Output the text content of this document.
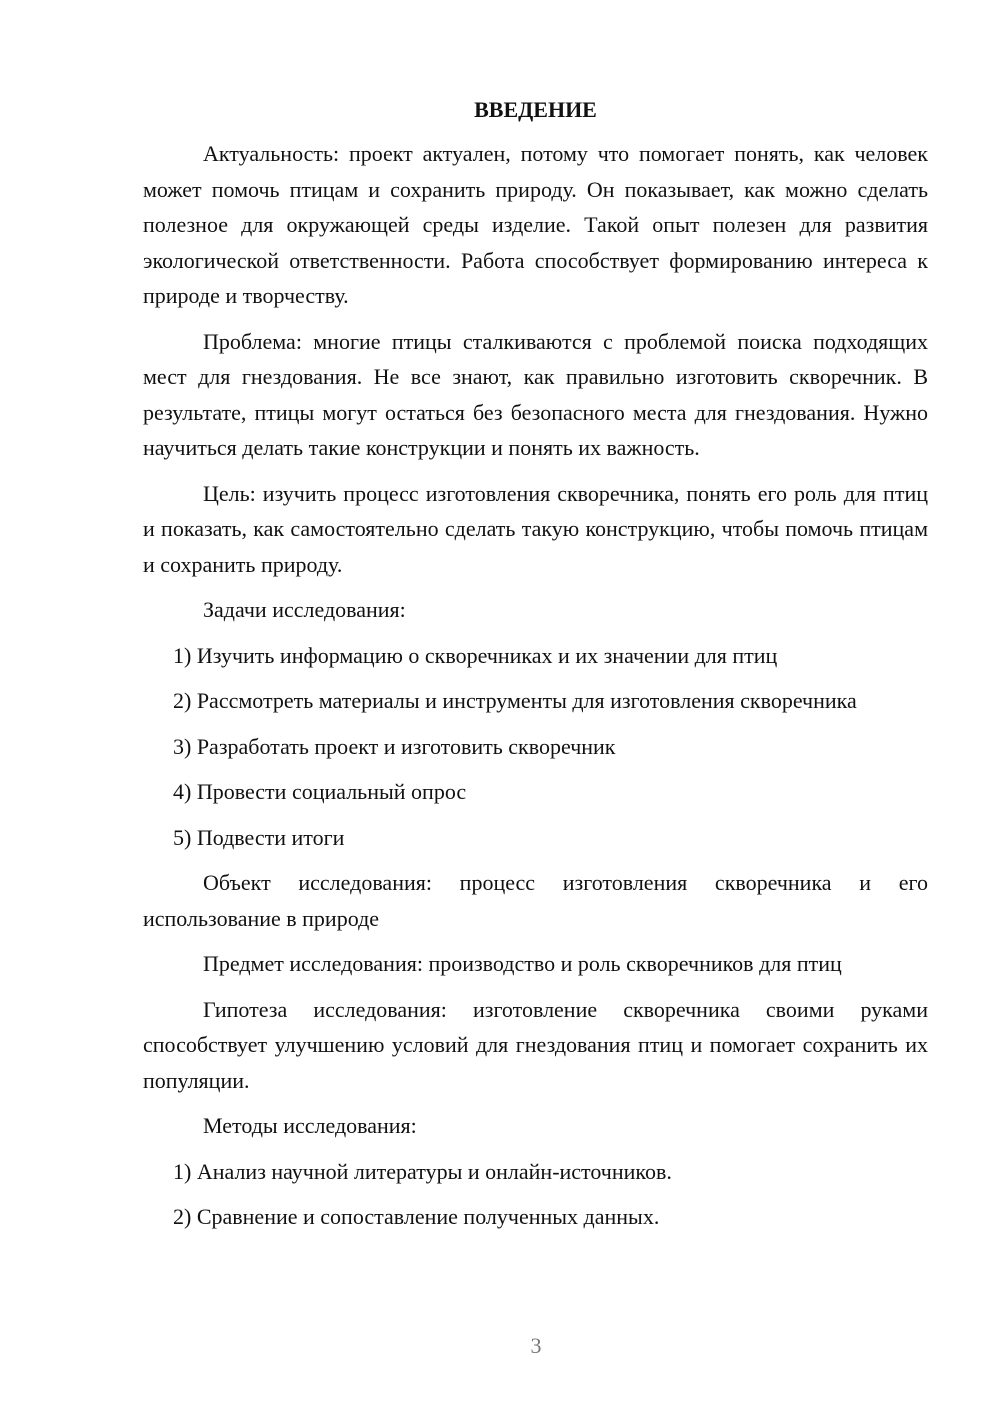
ВВЕДЕНИЕ

Актуальность: проект актуален, потому что помогает понять, как человек может помочь птицам и сохранить природу. Он показывает, как можно сделать полезное для окружающей среды изделие. Такой опыт полезен для развития экологической ответственности. Работа способствует формированию интереса к природе и творчеству.

Проблема: многие птицы сталкиваются с проблемой поиска подходящих мест для гнездования. Не все знают, как правильно изготовить скворечник. В результате, птицы могут остаться без безопасного места для гнездования. Нужно научиться делать такие конструкции и понять их важность.

Цель: изучить процесс изготовления скворечника, понять его роль для птиц и показать, как самостоятельно сделать такую конструкцию, чтобы помочь птицам и сохранить природу.

Задачи исследования:

1) Изучить информацию о скворечниках и их значении для птиц

2) Рассмотреть материалы и инструменты для изготовления скворечника

3) Разработать проект и изготовить скворечник

4) Провести социальный опрос

5) Подвести итоги

Объект исследования: процесс изготовления скворечника и его использование в природе

Предмет исследования: производство и роль скворечников для птиц

Гипотеза исследования: изготовление скворечника своими руками способствует улучшению условий для гнездования птиц и помогает сохранить их популяции.

Методы исследования:

1) Анализ научной литературы и онлайн-источников.

2) Сравнение и сопоставление полученных данных.

3
